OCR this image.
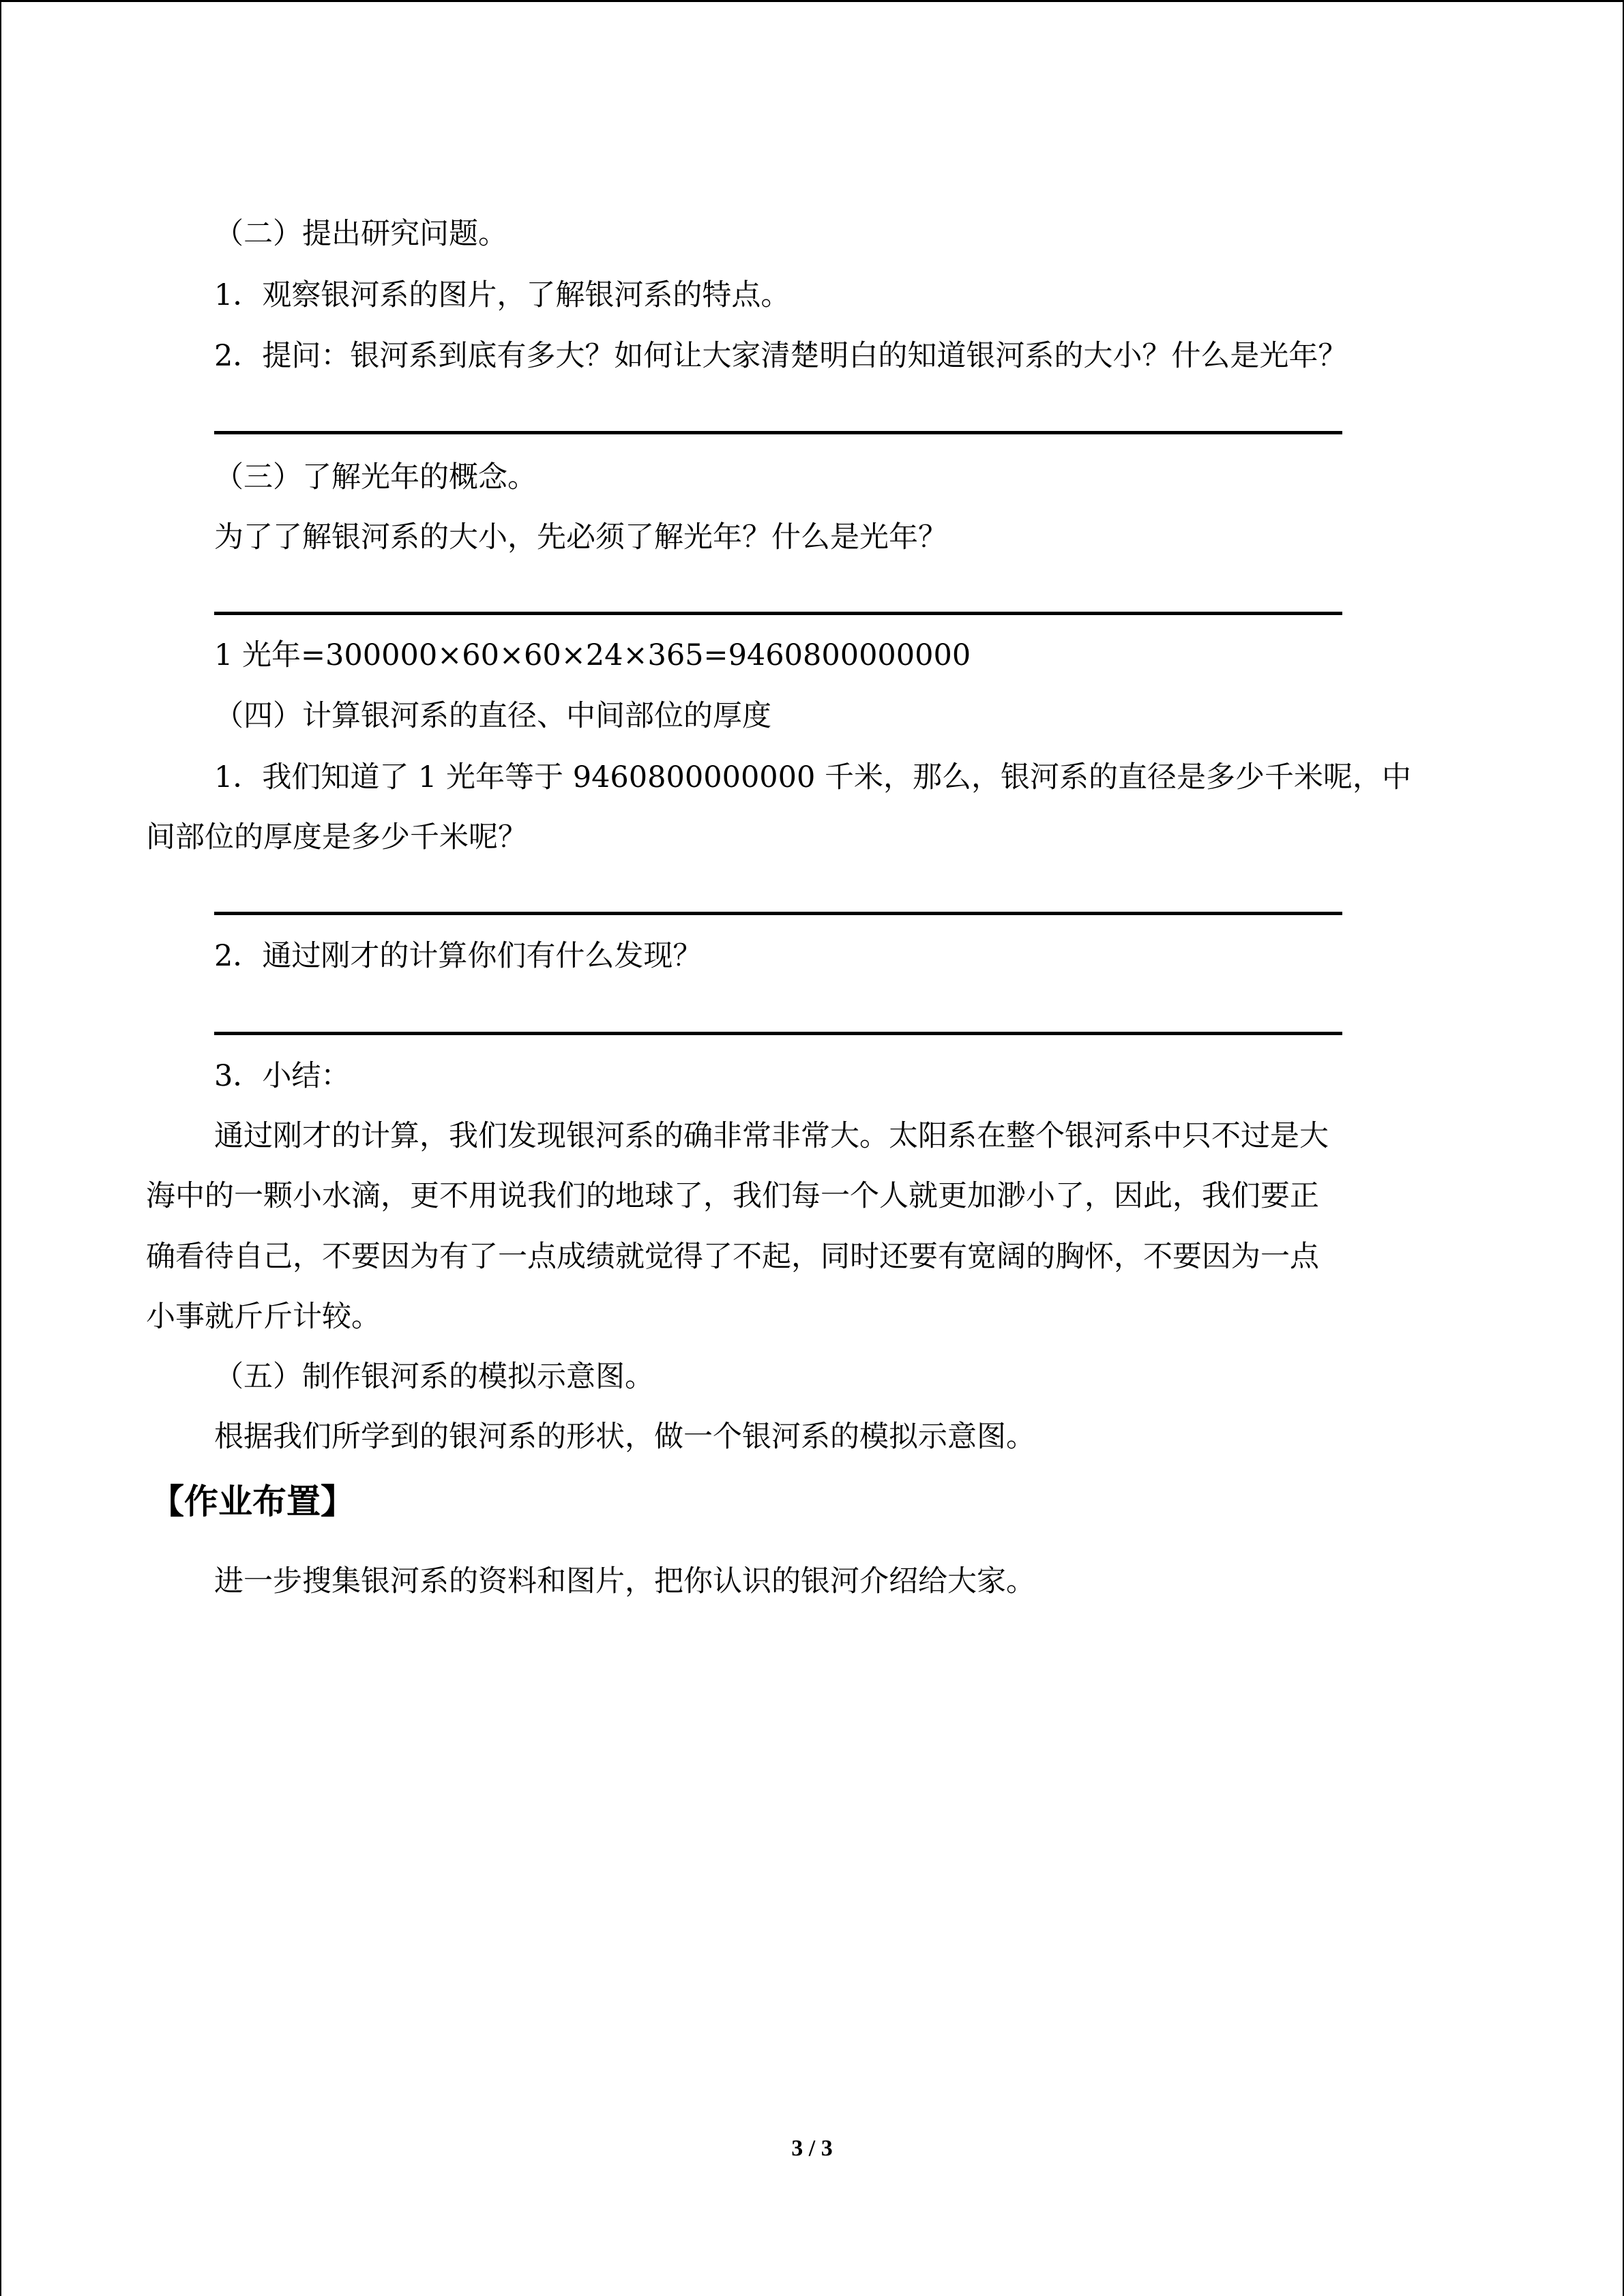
（二）提出研究问题。
1．观察银河系的图片，了解银河系的特点。
2．提问：银河系到底有多大？如何让大家清楚明白的知道银河系的大小？什么是光年？
（三）了解光年的概念。
为了了解银河系的大小，先必须了解光年？什么是光年？
1 光年=300000×60×60×24×365=9460800000000
（四）计算银河系的直径、中间部位的厚度
1．我们知道了 1 光年等于 9460800000000 千米，那么，银河系的直径是多少千米呢，中
间部位的厚度是多少千米呢？
2．通过刚才的计算你们有什么发现？
3．小结：
通过刚才的计算，我们发现银河系的确非常非常大。太阳系在整个银河系中只不过是大
海中的一颗小水滴，更不用说我们的地球了，我们每一个人就更加渺小了，因此，我们要正
确看待自己，不要因为有了一点成绩就觉得了不起，同时还要有宽阔的胸怀，不要因为一点
小事就斤斤计较。
（五）制作银河系的模拟示意图。
根据我们所学到的银河系的形状，做一个银河系的模拟示意图。
【作业布置】
进一步搜集银河系的资料和图片，把你认识的银河介绍给大家。
3 / 3
